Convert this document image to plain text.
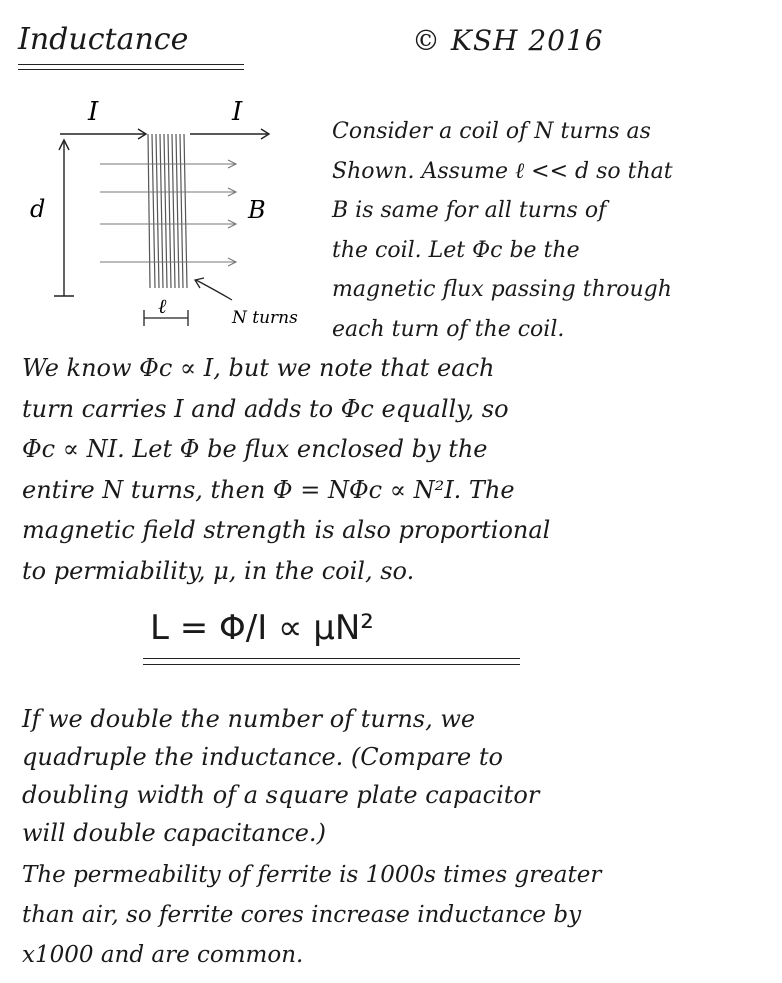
Inductance	© KSH 2016
I	I
d	B
ℓ	N turns
Consider a coil of N turns as
Shown. Assume ℓ << d so that
B is same for all turns of
the coil. Let Φc be the
magnetic flux passing through
each turn of the coil.
We know Φc ∝ I, but we note that each
turn carries I and adds to Φc equally, so
Φc ∝ NI. Let Φ be flux enclosed by the
entire N turns, then Φ = NΦc ∝ N²I. The
magnetic field strength is also proportional
to permiability, μ, in the coil, so.
L = Φ/I ∝ μN²
If we double the number of turns, we
quadruple the inductance. (Compare to
doubling width of a square plate capacitor
will double capacitance.)
The permeability of ferrite is 1000s times greater
than air, so ferrite cores increase inductance by
x1000 and are common.
